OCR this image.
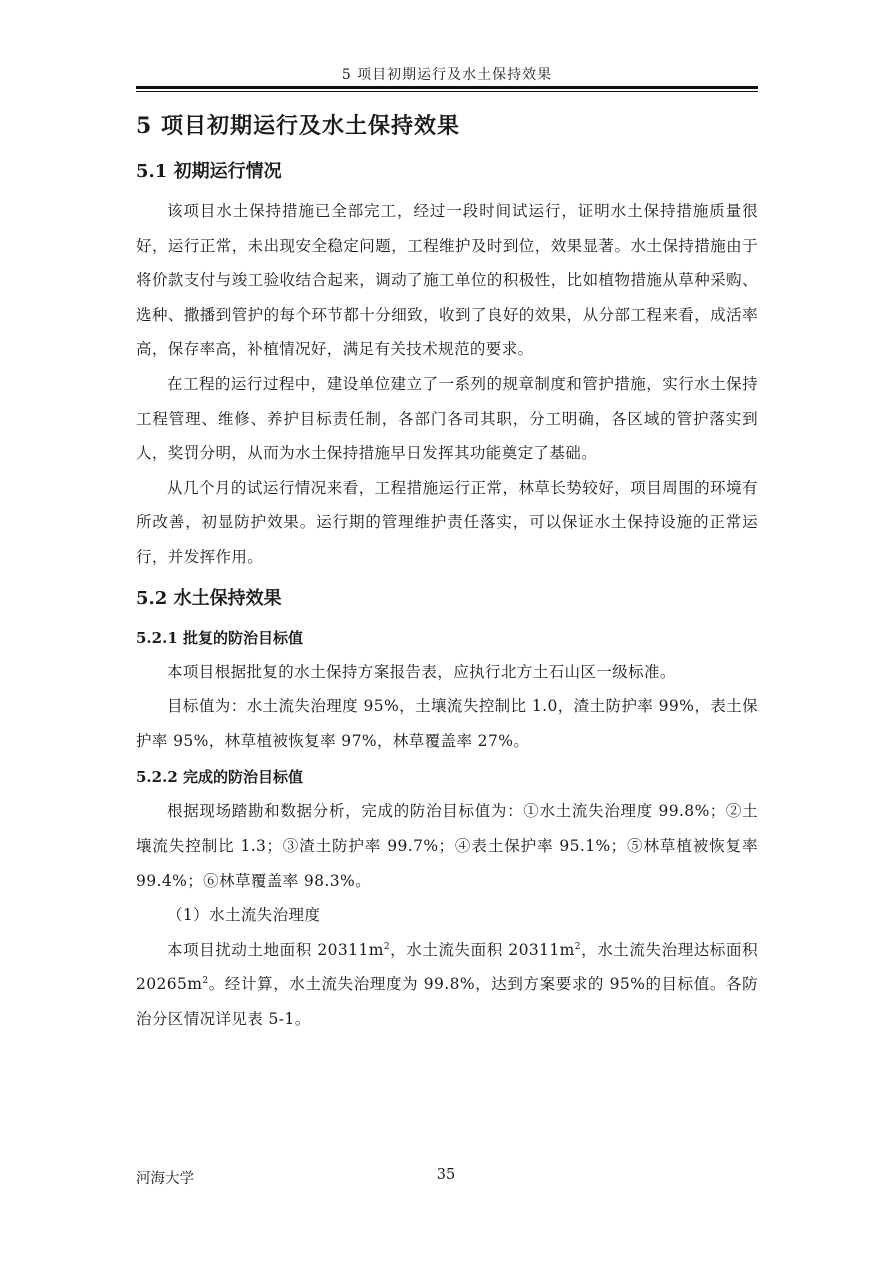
5 项目初期运行及水土保持效果
5 项目初期运行及水土保持效果
5.1 初期运行情况

该项目水土保持措施已全部完工，经过一段时间试运行，证明水土保持措施质量很好，运行正常，未出现安全稳定问题，工程维护及时到位，效果显著。水土保持措施由于将价款支付与竣工验收结合起来，调动了施工单位的积极性，比如植物措施从草种采购、选种、撒播到管护的每个环节都十分细致，收到了良好的效果，从分部工程来看，成活率高，保存率高，补植情况好，满足有关技术规范的要求。

在工程的运行过程中，建设单位建立了一系列的规章制度和管护措施，实行水土保持工程管理、维修、养护目标责任制，各部门各司其职，分工明确，各区域的管护落实到人，奖罚分明，从而为水土保持措施早日发挥其功能奠定了基础。

从几个月的试运行情况来看，工程措施运行正常，林草长势较好，项目周围的环境有所改善，初显防护效果。运行期的管理维护责任落实，可以保证水土保持设施的正常运行，并发挥作用。

5.2 水土保持效果
5.2.1 批复的防治目标值

本项目根据批复的水土保持方案报告表，应执行北方土石山区一级标准。

目标值为：水土流失治理度 95%，土壤流失控制比 1.0，渣土防护率 99%，表土保护率 95%，林草植被恢复率 97%，林草覆盖率 27%。

5.2.2 完成的防治目标值

根据现场踏勘和数据分析，完成的防治目标值为：①水土流失治理度 99.8%；②土壤流失控制比 1.3；③渣土防护率 99.7%；④表土保护率 95.1%；⑤林草植被恢复率 99.4%；⑥林草覆盖率 98.3%。

（1）水土流失治理度

本项目扰动土地面积 $20311m^2$，水土流失面积 $20311m^2$，水土流失治理达标面积 $20265m^2$。经计算，水土流失治理度为 99.8%，达到方案要求的 95%的目标值。各防治分区情况详见表 5-1。

河海大学	35
